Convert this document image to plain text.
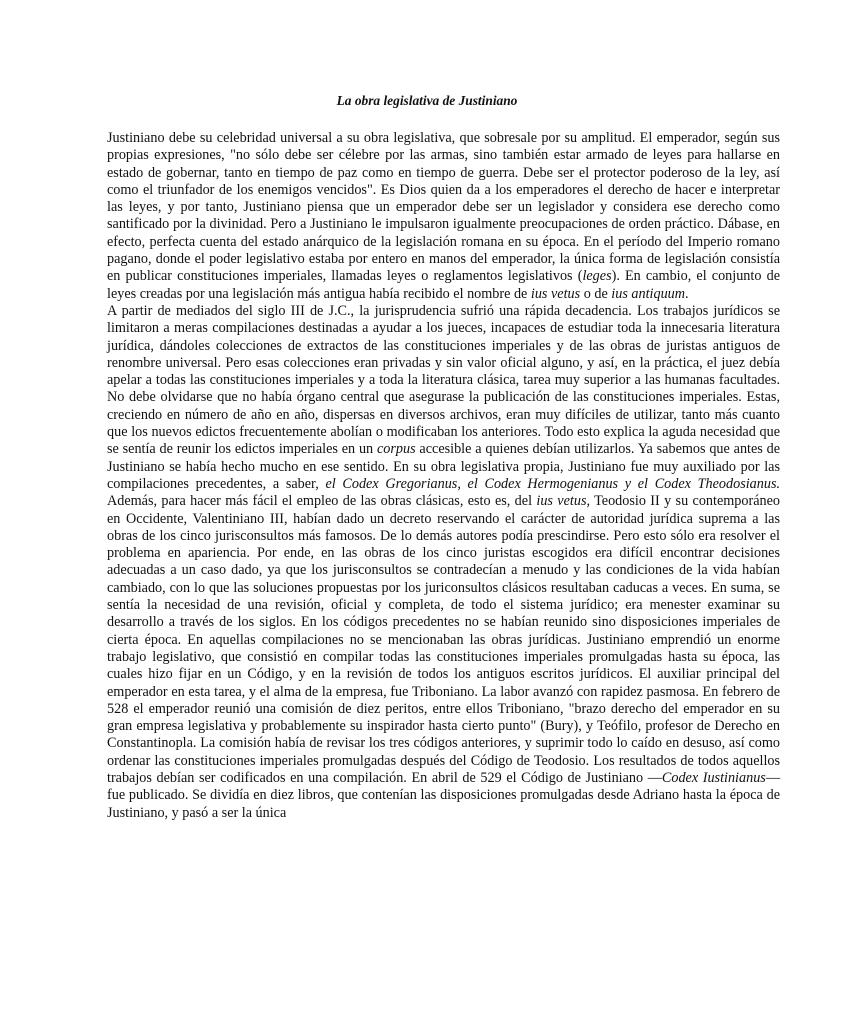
La obra legislativa de Justiniano

Justiniano debe su celebridad universal a su obra legislativa, que sobresale por su amplitud. El emperador, según sus propias expresiones, "no sólo debe ser célebre por las armas, sino también estar armado de leyes para hallarse en estado de gobernar, tanto en tiempo de paz como en tiempo de guerra. Debe ser el protector poderoso de la ley, así como el triunfador de los enemigos vencidos". Es Dios quien da a los emperadores el derecho de hacer e interpretar las leyes, y por tanto, Justiniano piensa que un emperador debe ser un legislador y considera ese derecho como santificado por la divinidad. Pero a Justiniano le impulsaron igualmente preocupaciones de orden práctico. Dábase, en efecto, perfecta cuenta del estado anárquico de la legislación romana en su época. En el período del Imperio romano pagano, donde el poder legislativo estaba por entero en manos del emperador, la única forma de legislación consistía en publicar constituciones imperiales, llamadas leyes o reglamentos legislativos (leges). En cambio, el conjunto de leyes creadas por una legislación más antigua había recibido el nombre de ius vetus o de ius antiquum.

A partir de mediados del siglo III de J.C., la jurisprudencia sufrió una rápida decadencia. Los trabajos jurídicos se limitaron a meras compilaciones destinadas a ayudar a los jueces, incapaces de estudiar toda la innecesaria literatura jurídica, dándoles colecciones de extractos de las constituciones imperiales y de las obras de juristas antiguos de renombre universal. Pero esas colecciones eran privadas y sin valor oficial alguno, y así, en la práctica, el juez debía apelar a todas las constituciones imperiales y a toda la literatura clásica, tarea muy superior a las humanas facultades. No debe olvidarse que no había órgano central que asegurase la publicación de las constituciones imperiales. Estas, creciendo en número de año en año, dispersas en diversos archivos, eran muy difíciles de utilizar, tanto más cuanto que los nuevos edictos frecuentemente abolían o modificaban los anteriores. Todo esto explica la aguda necesidad que se sentía de reunir los edictos imperiales en un corpus accesible a quienes debían utilizarlos. Ya sabemos que antes de Justiniano se había hecho mucho en ese sentido. En su obra legislativa propia, Justiniano fue muy auxiliado por las compilaciones precedentes, a saber, el Codex Gregorianus, el Codex Hermogenianus y el Codex Theodosianus. Además, para hacer más fácil el empleo de las obras clásicas, esto es, del ius vetus, Teodosio II y su contemporáneo en Occidente, Valentiniano III, habían dado un decreto reservando el carácter de autoridad jurídica suprema a las obras de los cinco jurisconsultos más famosos. De lo demás autores podía prescindirse. Pero esto sólo era resolver el problema en apariencia. Por ende, en las obras de los cinco juristas escogidos era difícil encontrar decisiones adecuadas a un caso dado, ya que los jurisconsultos se contradecían a menudo y las condiciones de la vida habían cambiado, con lo que las soluciones propuestas por los juriconsultos clásicos resultaban caducas a veces. En suma, se sentía la necesidad de una revisión, oficial y completa, de todo el sistema jurídico; era menester examinar su desarrollo a través de los siglos. En los códigos precedentes no se habían reunido sino disposiciones imperiales de cierta época. En aquellas compilaciones no se mencionaban las obras jurídicas. Justiniano emprendió un enorme trabajo legislativo, que consistió en compilar todas las constituciones imperiales promulgadas hasta su época, las cuales hizo fijar en un Código, y en la revisión de todos los antiguos escritos jurídicos. El auxiliar principal del emperador en esta tarea, y el alma de la empresa, fue Triboniano. La labor avanzó con rapidez pasmosa. En febrero de 528 el emperador reunió una comisión de diez peritos, entre ellos Triboniano, "brazo derecho del emperador en su gran empresa legislativa y probablemente su inspirador hasta cierto punto" (Bury), y Teófilo, profesor de Derecho en Constantinopla. La comisión había de revisar los tres códigos anteriores, y suprimir todo lo caído en desuso, así como ordenar las constituciones imperiales promulgadas después del Código de Teodosio. Los resultados de todos aquellos trabajos debían ser codificados en una compilación. En abril de 529 el Código de Justiniano —Codex Iustinianus— fue publicado. Se dividía en diez libros, que contenían las disposiciones promulgadas desde Adriano hasta la época de Justiniano, y pasó a ser la única
